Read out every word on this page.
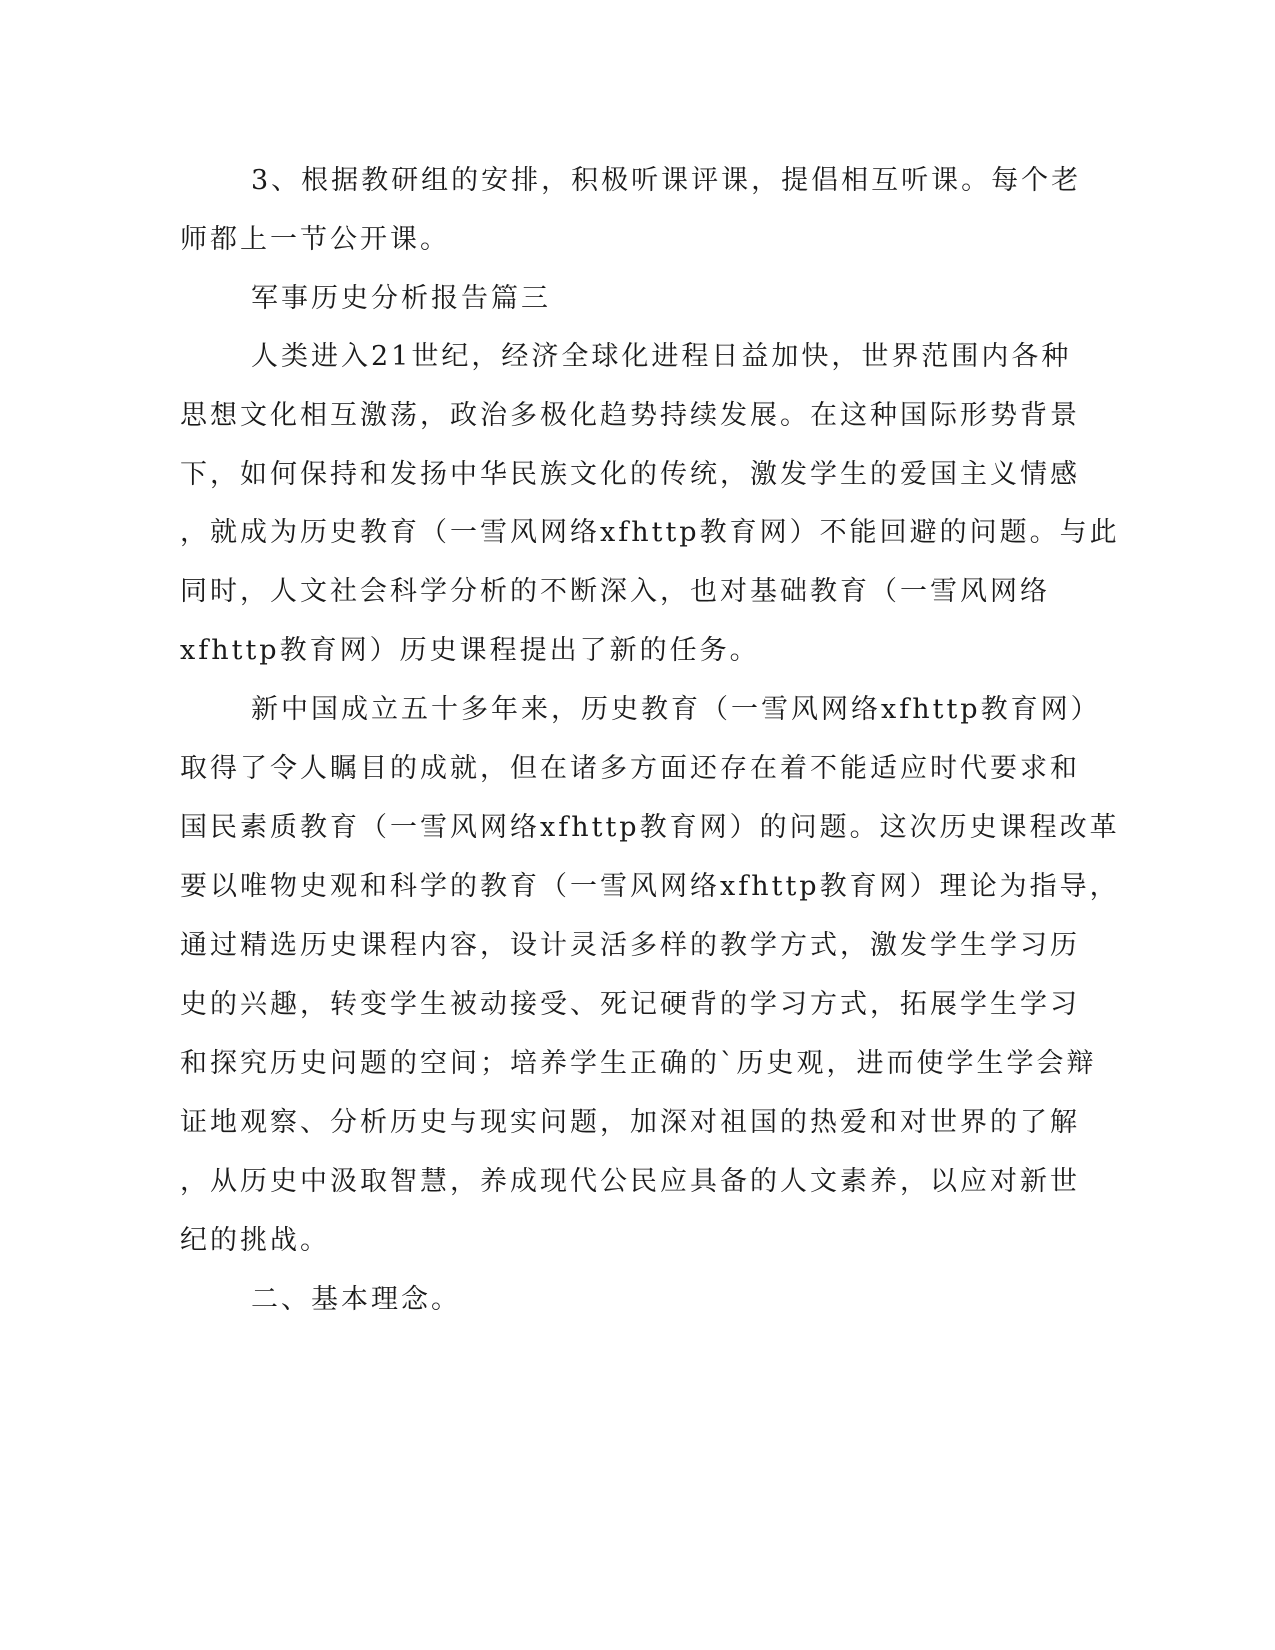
3、根据教研组的安排，积极听课评课，提倡相互听课。每个老
师都上一节公开课。
军事历史分析报告篇三
人类进入21世纪，经济全球化进程日益加快，世界范围内各种
思想文化相互激荡，政治多极化趋势持续发展。在这种国际形势背景
下，如何保持和发扬中华民族文化的传统，激发学生的爱国主义情感
，就成为历史教育（一雪风网络xfhttp教育网）不能回避的问题。与此
同时，人文社会科学分析的不断深入，也对基础教育（一雪风网络
xfhttp教育网）历史课程提出了新的任务。
新中国成立五十多年来，历史教育（一雪风网络xfhttp教育网）
取得了令人瞩目的成就，但在诸多方面还存在着不能适应时代要求和
国民素质教育（一雪风网络xfhttp教育网）的问题。这次历史课程改革
要以唯物史观和科学的教育（一雪风网络xfhttp教育网）理论为指导，
通过精选历史课程内容，设计灵活多样的教学方式，激发学生学习历
史的兴趣，转变学生被动接受、死记硬背的学习方式，拓展学生学习
和探究历史问题的空间；培养学生正确的`历史观，进而使学生学会辩
证地观察、分析历史与现实问题，加深对祖国的热爱和对世界的了解
，从历史中汲取智慧，养成现代公民应具备的人文素养，以应对新世
纪的挑战。
二、基本理念。
